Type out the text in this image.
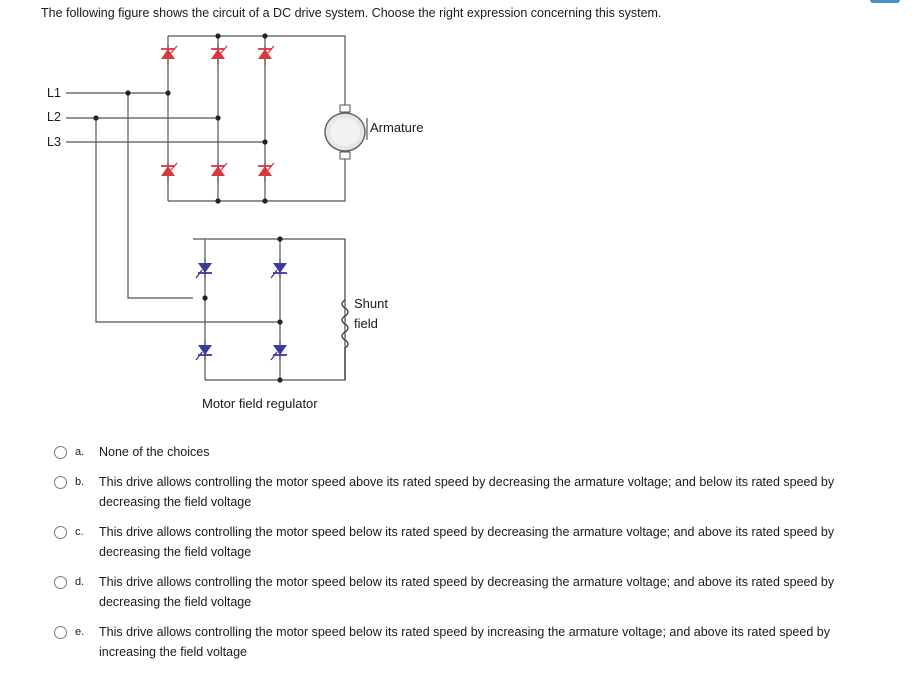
The following figure shows the circuit of a DC drive system. Choose the right expression concerning this system.
L1
L2
L3
Armature
Shunt
field
Motor field regulator
a.	None of the choices
b.	This drive allows controlling the motor speed above its rated speed by decreasing the armature voltage; and below its rated speed by decreasing the field voltage
c.	This drive allows controlling the motor speed below its rated speed by decreasing the armature voltage; and above its rated speed by decreasing the field voltage
d.	This drive allows controlling the motor speed below its rated speed by decreasing the armature voltage; and above its rated speed by decreasing the field voltage
e.	This drive allows controlling the motor speed below its rated speed by increasing the armature voltage; and above its rated speed by increasing the field voltage
